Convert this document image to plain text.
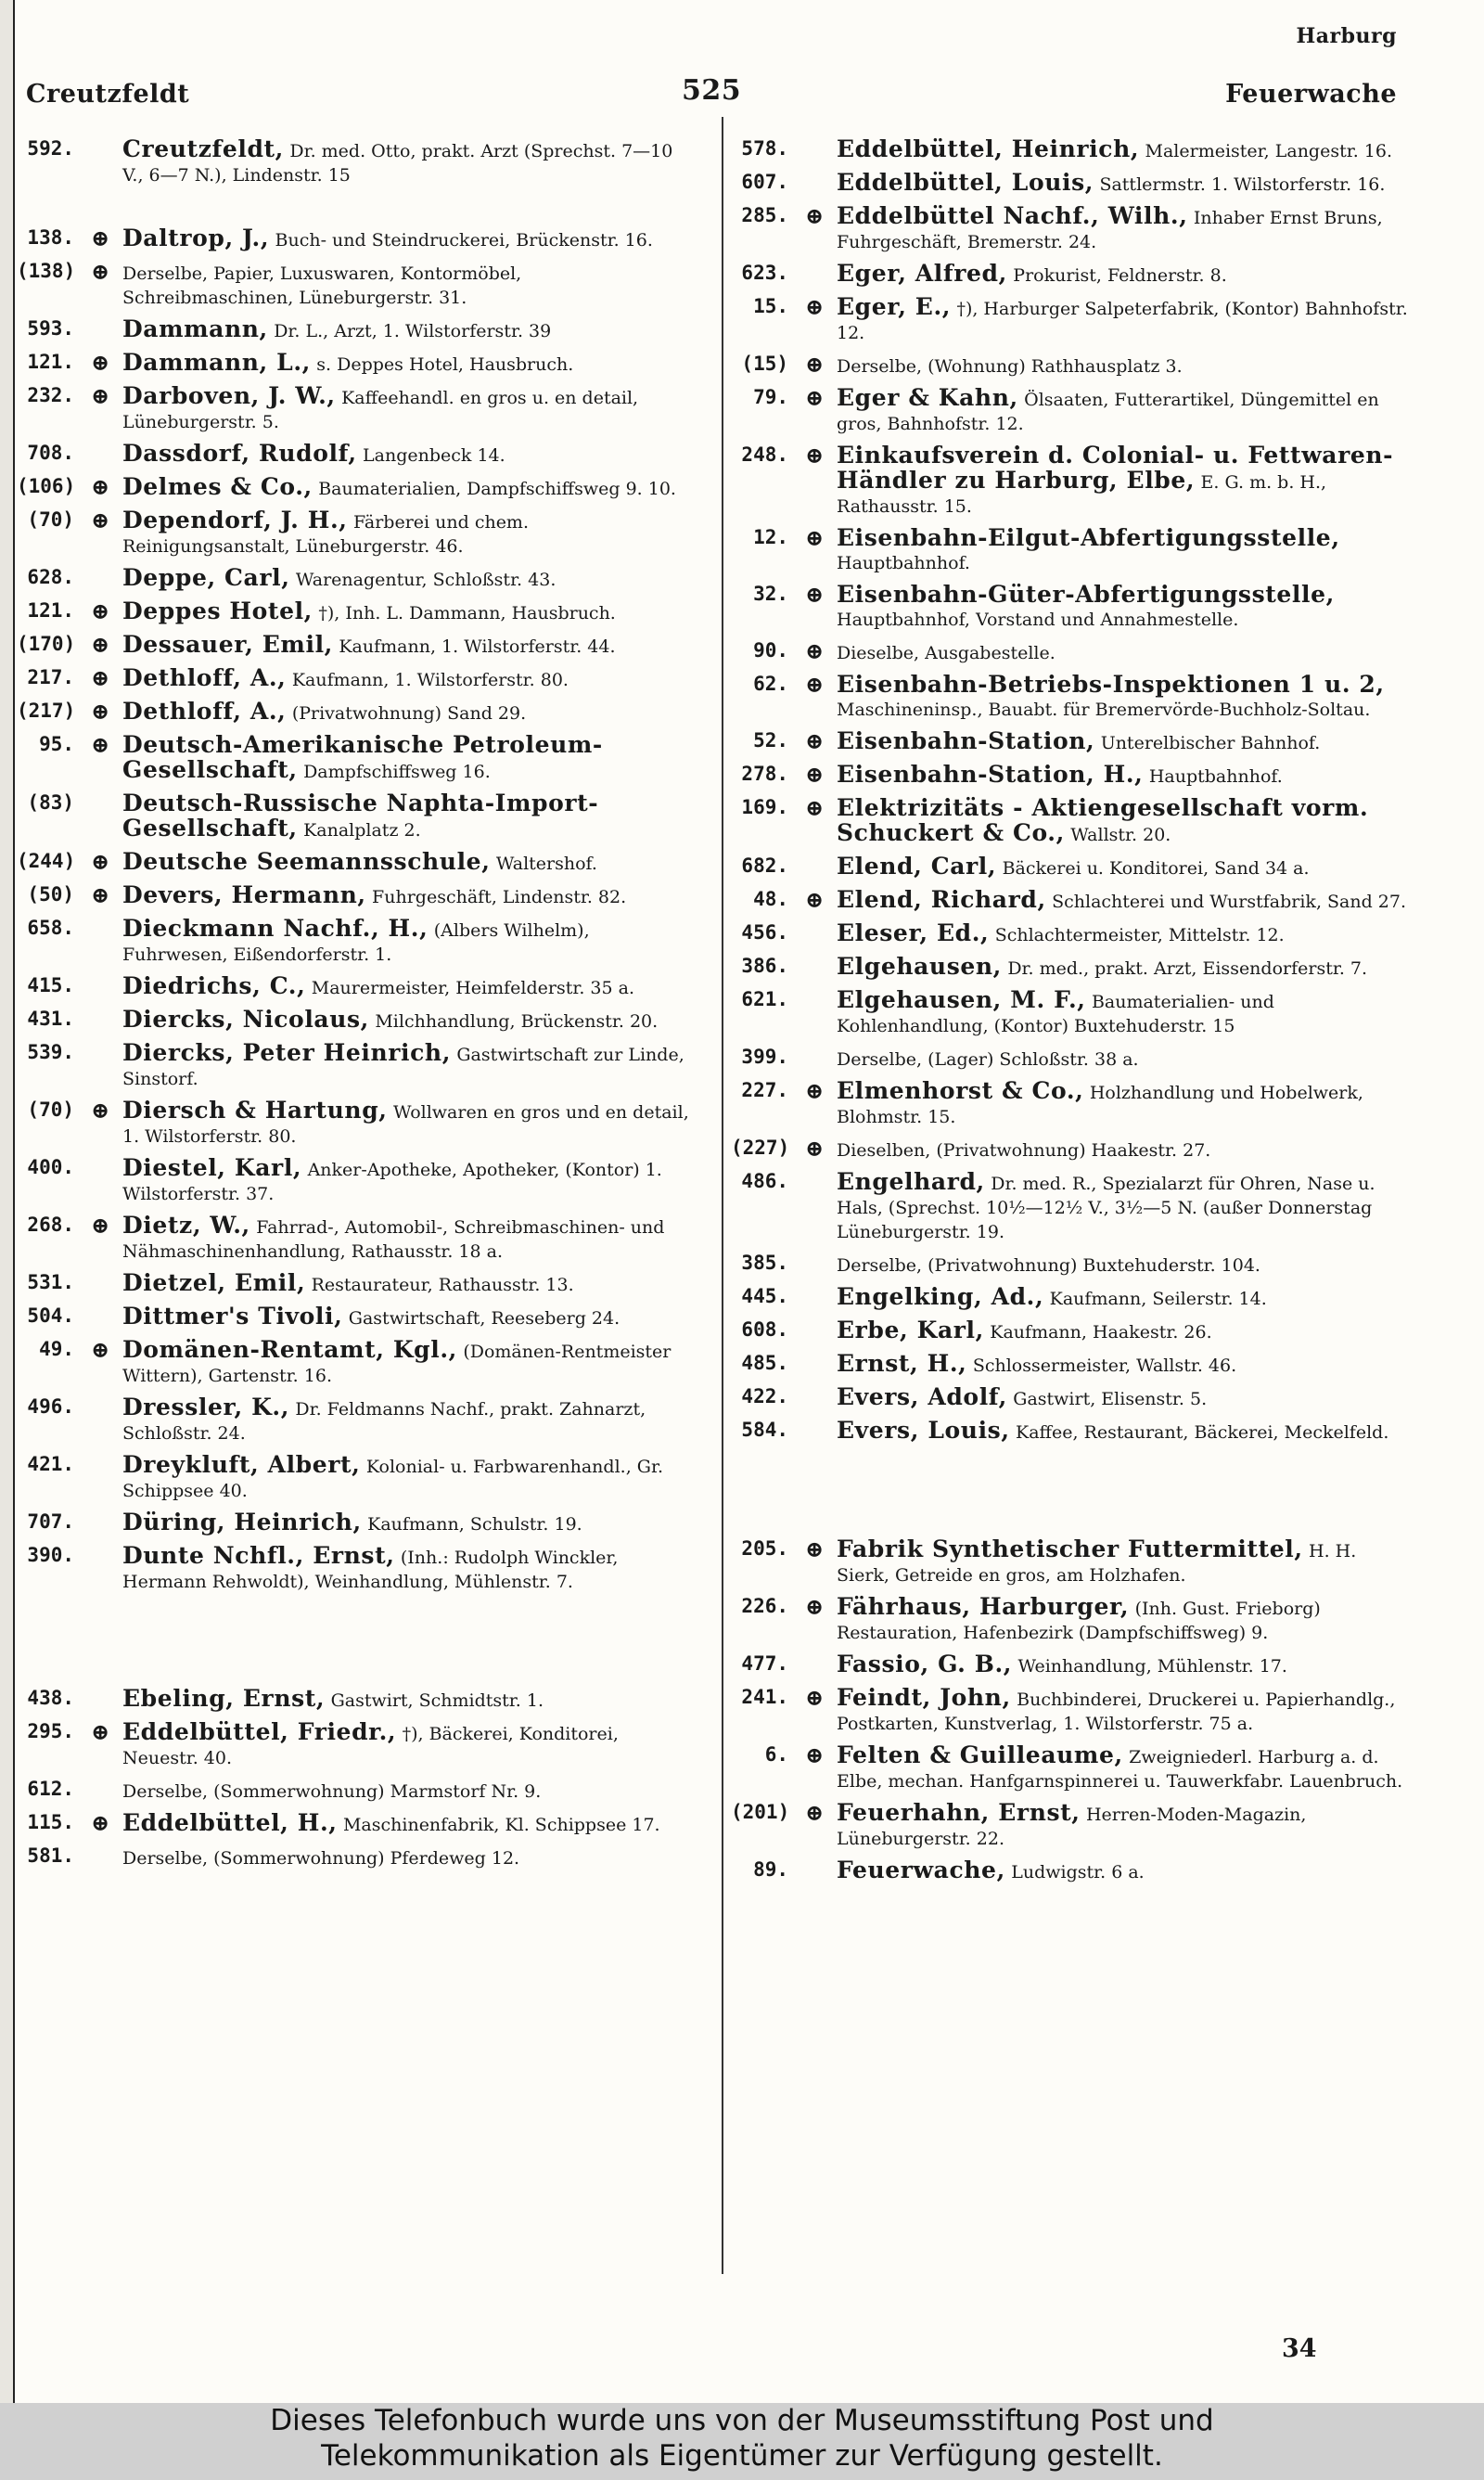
Harburg
Creutzfeldt	525	Feuerwache
592.	Creutzfeldt, Dr. med. Otto, prakt. Arzt (Sprechst. 7—10 V., 6—7 N.), Lindenstr. 15
138. ⊕ Daltrop, J., Buch- und Steindruckerei, Brückenstr. 16.
(138) ⊕ Derselbe, Papier, Luxuswaren, Kontormöbel, Schreibmaschinen, Lüneburgerstr. 31.
593.	Dammann, Dr. L., Arzt, 1. Wilstorferstr. 39
121. ⊕ Dammann, L., s. Deppes Hotel, Hausbruch.
232. ⊕ Darboven, J. W., Kaffeehandl. en gros u. en detail, Lüneburgerstr. 5.
708.	Dassdorf, Rudolf, Langenbeck 14.
(106) ⊕ Delmes & Co., Baumaterialien, Dampfschiffsweg 9. 10.
(70) ⊕ Dependorf, J. H., Färberei und chem. Reinigungsanstalt, Lüneburgerstr. 46.
628.	Deppe, Carl, Warenagentur, Schloßstr. 43.
121. ⊕ Deppes Hotel, †), Inh. L. Dammann, Hausbruch.
(170) ⊕ Dessauer, Emil, Kaufmann, 1. Wilstorferstr. 44.
217. ⊕ Dethloff, A., Kaufmann, 1. Wilstorferstr. 80.
(217) ⊕ Dethloff, A., (Privatwohnung) Sand 29.
95. ⊕ Deutsch-Amerikanische Petroleum-Gesellschaft, Dampfschiffsweg 16.
(83)	Deutsch-Russische Naphta-Import-Gesellschaft, Kanalplatz 2.
(244) ⊕ Deutsche Seemannsschule, Waltershof.
(50) ⊕ Devers, Hermann, Fuhrgeschäft, Lindenstr. 82.
658.	Dieckmann Nachf., H., (Albers Wilhelm), Fuhrwesen, Eißendorferstr. 1.
415.	Diedrichs, C., Maurermeister, Heimfelderstr. 35 a.
431.	Diercks, Nicolaus, Milchhandlung, Brückenstr. 20.
539.	Diercks, Peter Heinrich, Gastwirtschaft zur Linde, Sinstorf.
(70) ⊕ Diersch & Hartung, Wollwaren en gros und en detail, 1. Wilstorferstr. 80.
400.	Diestel, Karl, Anker-Apotheke, Apotheker, (Kontor) 1. Wilstorferstr. 37.
268. ⊕ Dietz, W., Fahrrad-, Automobil-, Schreibmaschinen- und Nähmaschinenhandlung, Rathausstr. 18 a.
531.	Dietzel, Emil, Restaurateur, Rathausstr. 13.
504.	Dittmer's Tivoli, Gastwirtschaft, Reeseberg 24.
49. ⊕ Domänen-Rentamt, Kgl., (Domänen-Rentmeister Wittern), Gartenstr. 16.
496.	Dressler, K., Dr. Feldmanns Nachf., prakt. Zahnarzt, Schloßstr. 24.
421.	Dreykluft, Albert, Kolonial- u. Farbwarenhandl., Gr. Schippsee 40.
707.	Düring, Heinrich, Kaufmann, Schulstr. 19.
390.	Dunte Nchfl., Ernst, (Inh.: Rudolph Winckler, Hermann Rehwoldt), Weinhandlung, Mühlenstr. 7.
438.	Ebeling, Ernst, Gastwirt, Schmidtstr. 1.
295. ⊕ Eddelbüttel, Friedr., †), Bäckerei, Konditorei, Neuestr. 40.
612.	Derselbe, (Sommerwohnung) Marmstorf Nr. 9.
115. ⊕ Eddelbüttel, H., Maschinenfabrik, Kl. Schippsee 17.
581.	Derselbe, (Sommerwohnung) Pferdeweg 12.
578.	Eddelbüttel, Heinrich, Malermeister, Langestr. 16.
607.	Eddelbüttel, Louis, Sattlermstr. 1. Wilstorferstr. 16.
285. ⊕ Eddelbüttel Nachf., Wilh., Inhaber Ernst Bruns, Fuhrgeschäft, Bremerstr. 24.
623.	Eger, Alfred, Prokurist, Feldnerstr. 8.
15. ⊕ Eger, E., †), Harburger Salpeterfabrik, (Kontor) Bahnhofstr. 12.
(15) ⊕ Derselbe, (Wohnung) Rathhausplatz 3.
79. ⊕ Eger & Kahn, Ölsaaten, Futterartikel, Düngemittel en gros, Bahnhofstr. 12.
248. ⊕ Einkaufsverein d. Colonial- u. Fettwaren-Händler zu Harburg, Elbe, E. G. m. b. H., Rathausstr. 15.
12. ⊕ Eisenbahn-Eilgut-Abfertigungsstelle, Hauptbahnhof.
32. ⊕ Eisenbahn-Güter-Abfertigungsstelle, Hauptbahnhof, Vorstand und Annahmestelle.
90. ⊕ Dieselbe, Ausgabestelle.
62. ⊕ Eisenbahn-Betriebs-Inspektionen 1 u. 2, Maschineninsp., Bauabt. für Bremervörde-Buchholz-Soltau.
52. ⊕ Eisenbahn-Station, Unterelbischer Bahnhof.
278. ⊕ Eisenbahn-Station, H., Hauptbahnhof.
169. ⊕ Elektrizitäts - Aktiengesellschaft vorm. Schuckert & Co., Wallstr. 20.
682.	Elend, Carl, Bäckerei u. Konditorei, Sand 34 a.
48. ⊕ Elend, Richard, Schlachterei und Wurstfabrik, Sand 27.
456.	Eleser, Ed., Schlachtermeister, Mittelstr. 12.
386.	Elgehausen, Dr. med., prakt. Arzt, Eissendorferstr. 7.
621.	Elgehausen, M. F., Baumaterialien- und Kohlenhandlung, (Kontor) Buxtehuderstr. 15
399.	Derselbe, (Lager) Schloßstr. 38 a.
227. ⊕ Elmenhorst & Co., Holzhandlung und Hobelwerk, Blohmstr. 15.
(227) ⊕ Dieselben, (Privatwohnung) Haakestr. 27.
486.	Engelhard, Dr. med. R., Spezialarzt für Ohren, Nase u. Hals, (Sprechst. 10½—12½ V., 3½—5 N. (außer Donnerstag Lüneburgerstr. 19.
385.	Derselbe, (Privatwohnung) Buxtehuderstr. 104.
445.	Engelking, Ad., Kaufmann, Seilerstr. 14.
608.	Erbe, Karl, Kaufmann, Haakestr. 26.
485.	Ernst, H., Schlossermeister, Wallstr. 46.
422.	Evers, Adolf, Gastwirt, Elisenstr. 5.
584.	Evers, Louis, Kaffee, Restaurant, Bäckerei, Meckelfeld.
205. ⊕ Fabrik Synthetischer Futtermittel, H. H. Sierk, Getreide en gros, am Holzhafen.
226. ⊕ Fährhaus, Harburger, (Inh. Gust. Frieborg) Restauration, Hafenbezirk (Dampfschiffsweg) 9.
477.	Fassio, G. B., Weinhandlung, Mühlenstr. 17.
241. ⊕ Feindt, John, Buchbinderei, Druckerei u. Papierhandlg., Postkarten, Kunstverlag, 1. Wilstorferstr. 75 a.
6. ⊕ Felten & Guilleaume, Zweigniederl. Harburg a. d. Elbe, mechan. Hanfgarnspinnerei u. Tauwerkfabr. Lauenbruch.
(201) ⊕ Feuerhahn, Ernst, Herren-Moden-Magazin, Lüneburgerstr. 22.
89.	Feuerwache, Ludwigstr. 6 a.
34
Dieses Telefonbuch wurde uns von der Museumsstiftung Post und
Telekommunikation als Eigentümer zur Verfügung gestellt.
